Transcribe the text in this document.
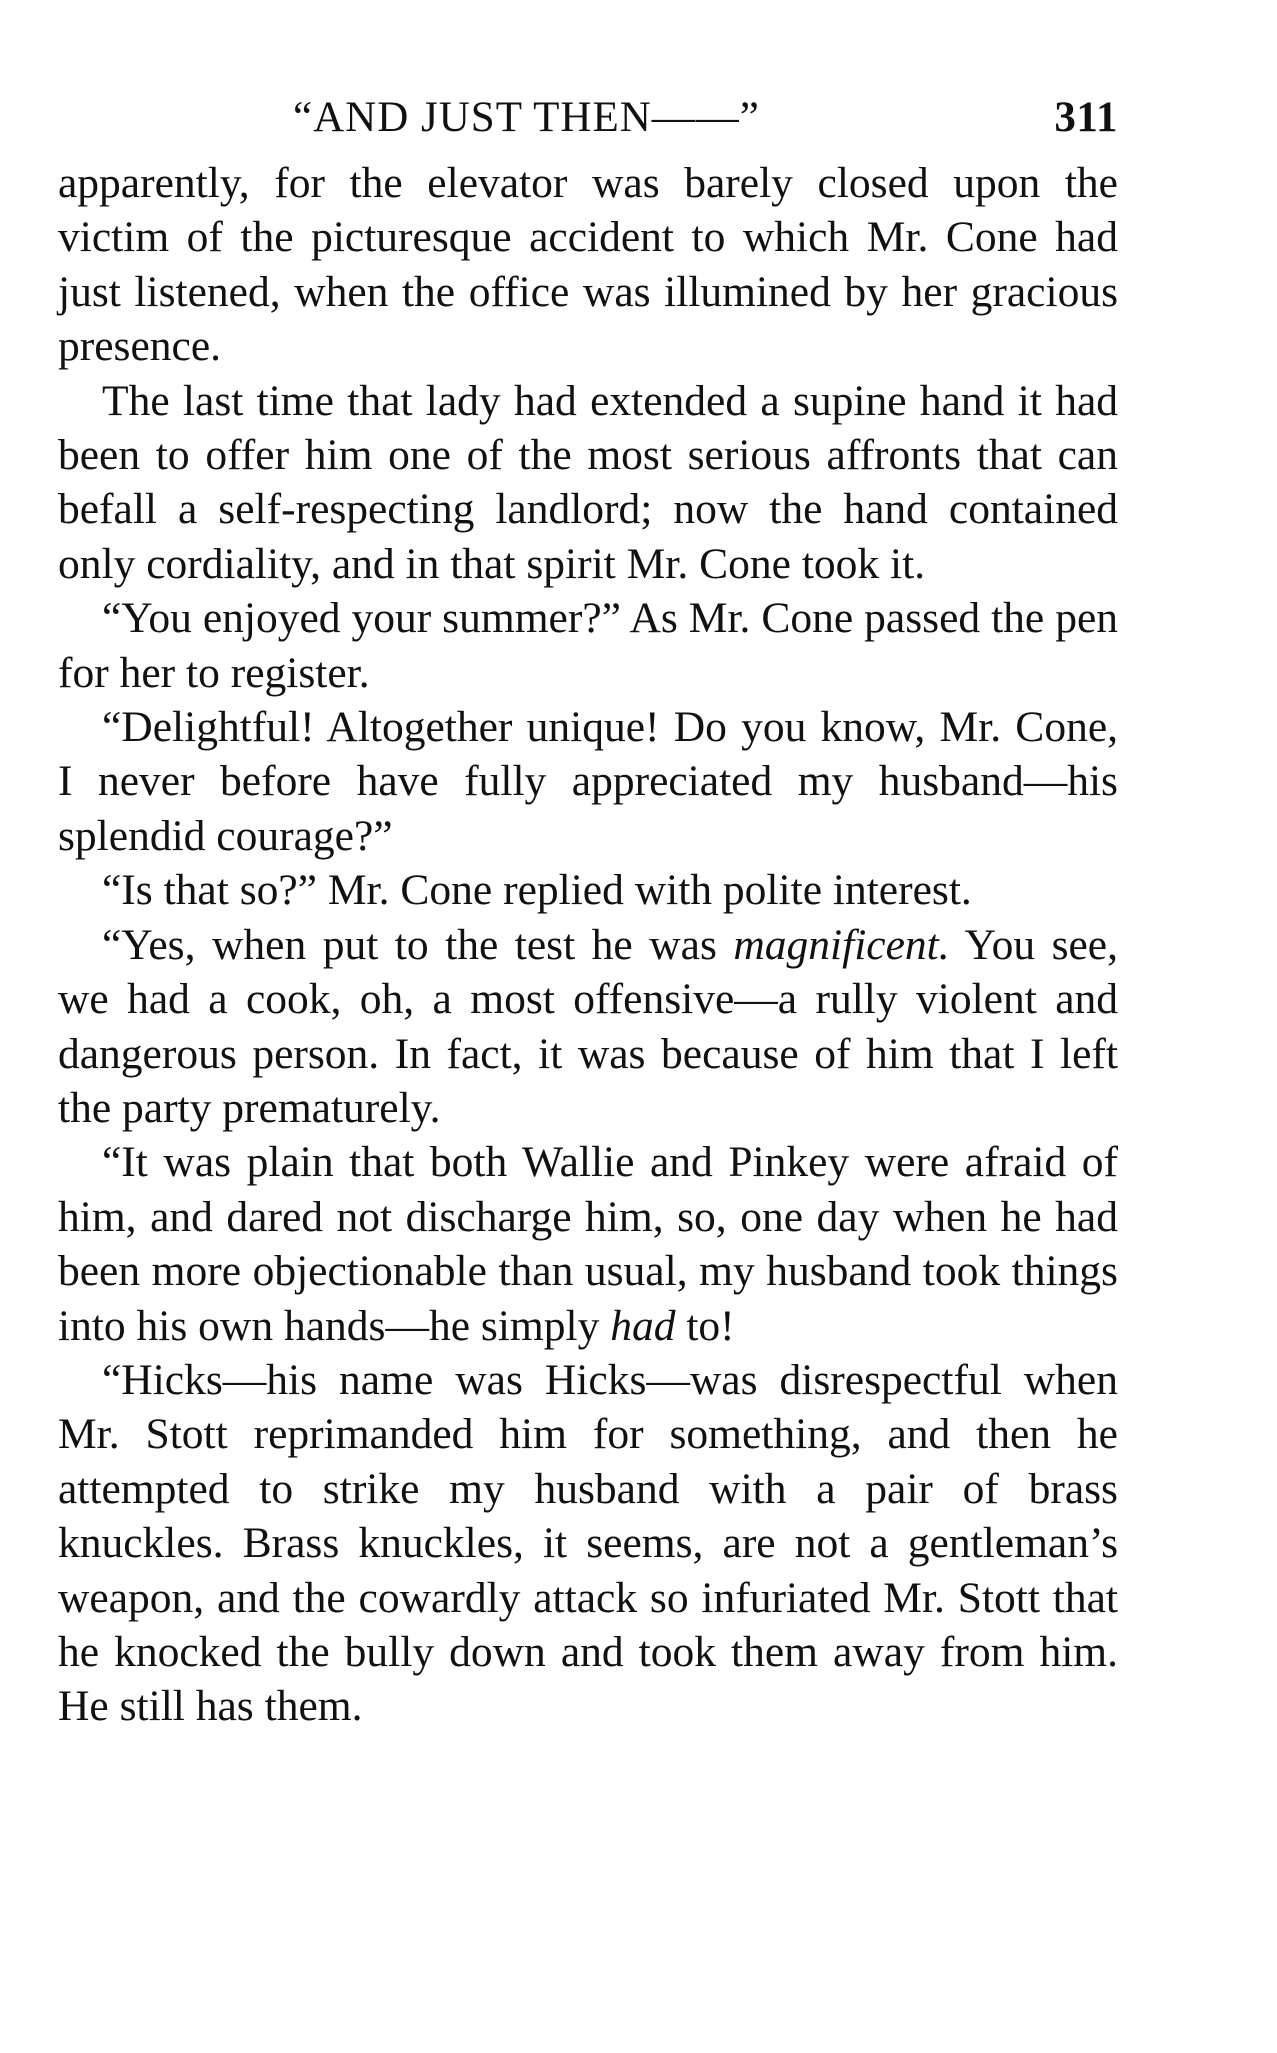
“AND JUST THEN——”	311

apparently, for the elevator was barely closed upon the victim of the picturesque accident to which Mr. Cone had just listened, when the office was illumined by her gracious presence.

The last time that lady had extended a supine hand it had been to offer him one of the most serious affronts that can befall a self-respecting landlord; now the hand contained only cordiality, and in that spirit Mr. Cone took it.

“You enjoyed your summer?” As Mr. Cone passed the pen for her to register.

“Delightful! Altogether unique! Do you know, Mr. Cone, I never before have fully appreciated my husband—his splendid courage?”

“Is that so?” Mr. Cone replied with polite interest.

“Yes, when put to the test he was magnificent. You see, we had a cook, oh, a most offensive—a rully violent and dangerous person. In fact, it was because of him that I left the party prematurely.

“It was plain that both Wallie and Pinkey were afraid of him, and dared not discharge him, so, one day when he had been more objectionable than usual, my husband took things into his own hands—he simply had to!

“Hicks—his name was Hicks—was disrespectful when Mr. Stott reprimanded him for something, and then he attempted to strike my husband with a pair of brass knuckles. Brass knuckles, it seems, are not a gentleman’s weapon, and the cowardly attack so infuriated Mr. Stott that he knocked the bully down and took them away from him. He still has them.
